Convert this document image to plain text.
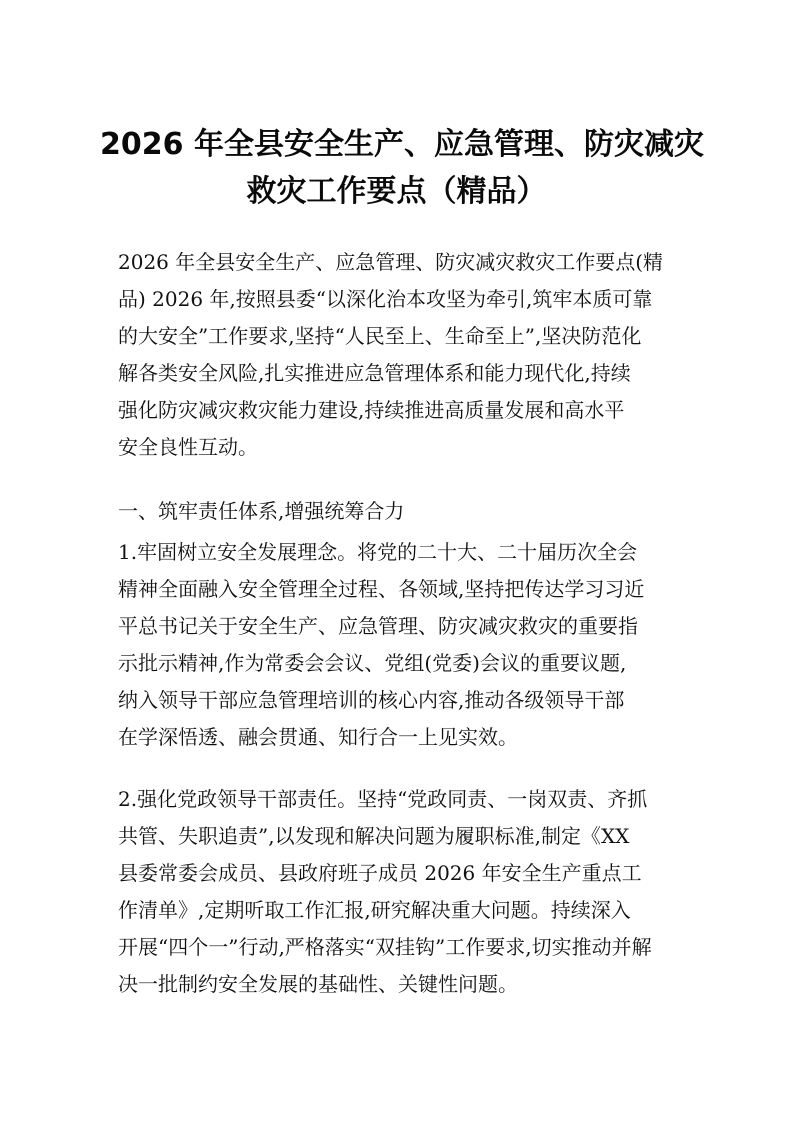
2026 年全县安全生产、应急管理、防灾减灾
救灾工作要点（精品）
2026 年全县安全生产、应急管理、防灾减灾救灾工作要点(精
品) 2026 年,按照县委“以深化治本攻坚为牵引,筑牢本质可靠
的大安全”工作要求,坚持“人民至上、生命至上”,坚决防范化
解各类安全风险,扎实推进应急管理体系和能力现代化,持续
强化防灾减灾救灾能力建设,持续推进高质量发展和高水平
安全良性互动。
一、筑牢责任体系,增强统筹合力
1.牢固树立安全发展理念。将党的二十大、二十届历次全会
精神全面融入安全管理全过程、各领域,坚持把传达学习习近
平总书记关于安全生产、应急管理、防灾减灾救灾的重要指
示批示精神,作为常委会会议、党组(党委)会议的重要议题,
纳入领导干部应急管理培训的核心内容,推动各级领导干部
在学深悟透、融会贯通、知行合一上见实效。
2.强化党政领导干部责任。坚持“党政同责、一岗双责、齐抓
共管、失职追责”,以发现和解决问题为履职标准,制定《XX
县委常委会成员、县政府班子成员 2026 年安全生产重点工
作清单》,定期听取工作汇报,研究解决重大问题。持续深入
开展“四个一”行动,严格落实“双挂钩”工作要求,切实推动并解
决一批制约安全发展的基础性、关键性问题。
